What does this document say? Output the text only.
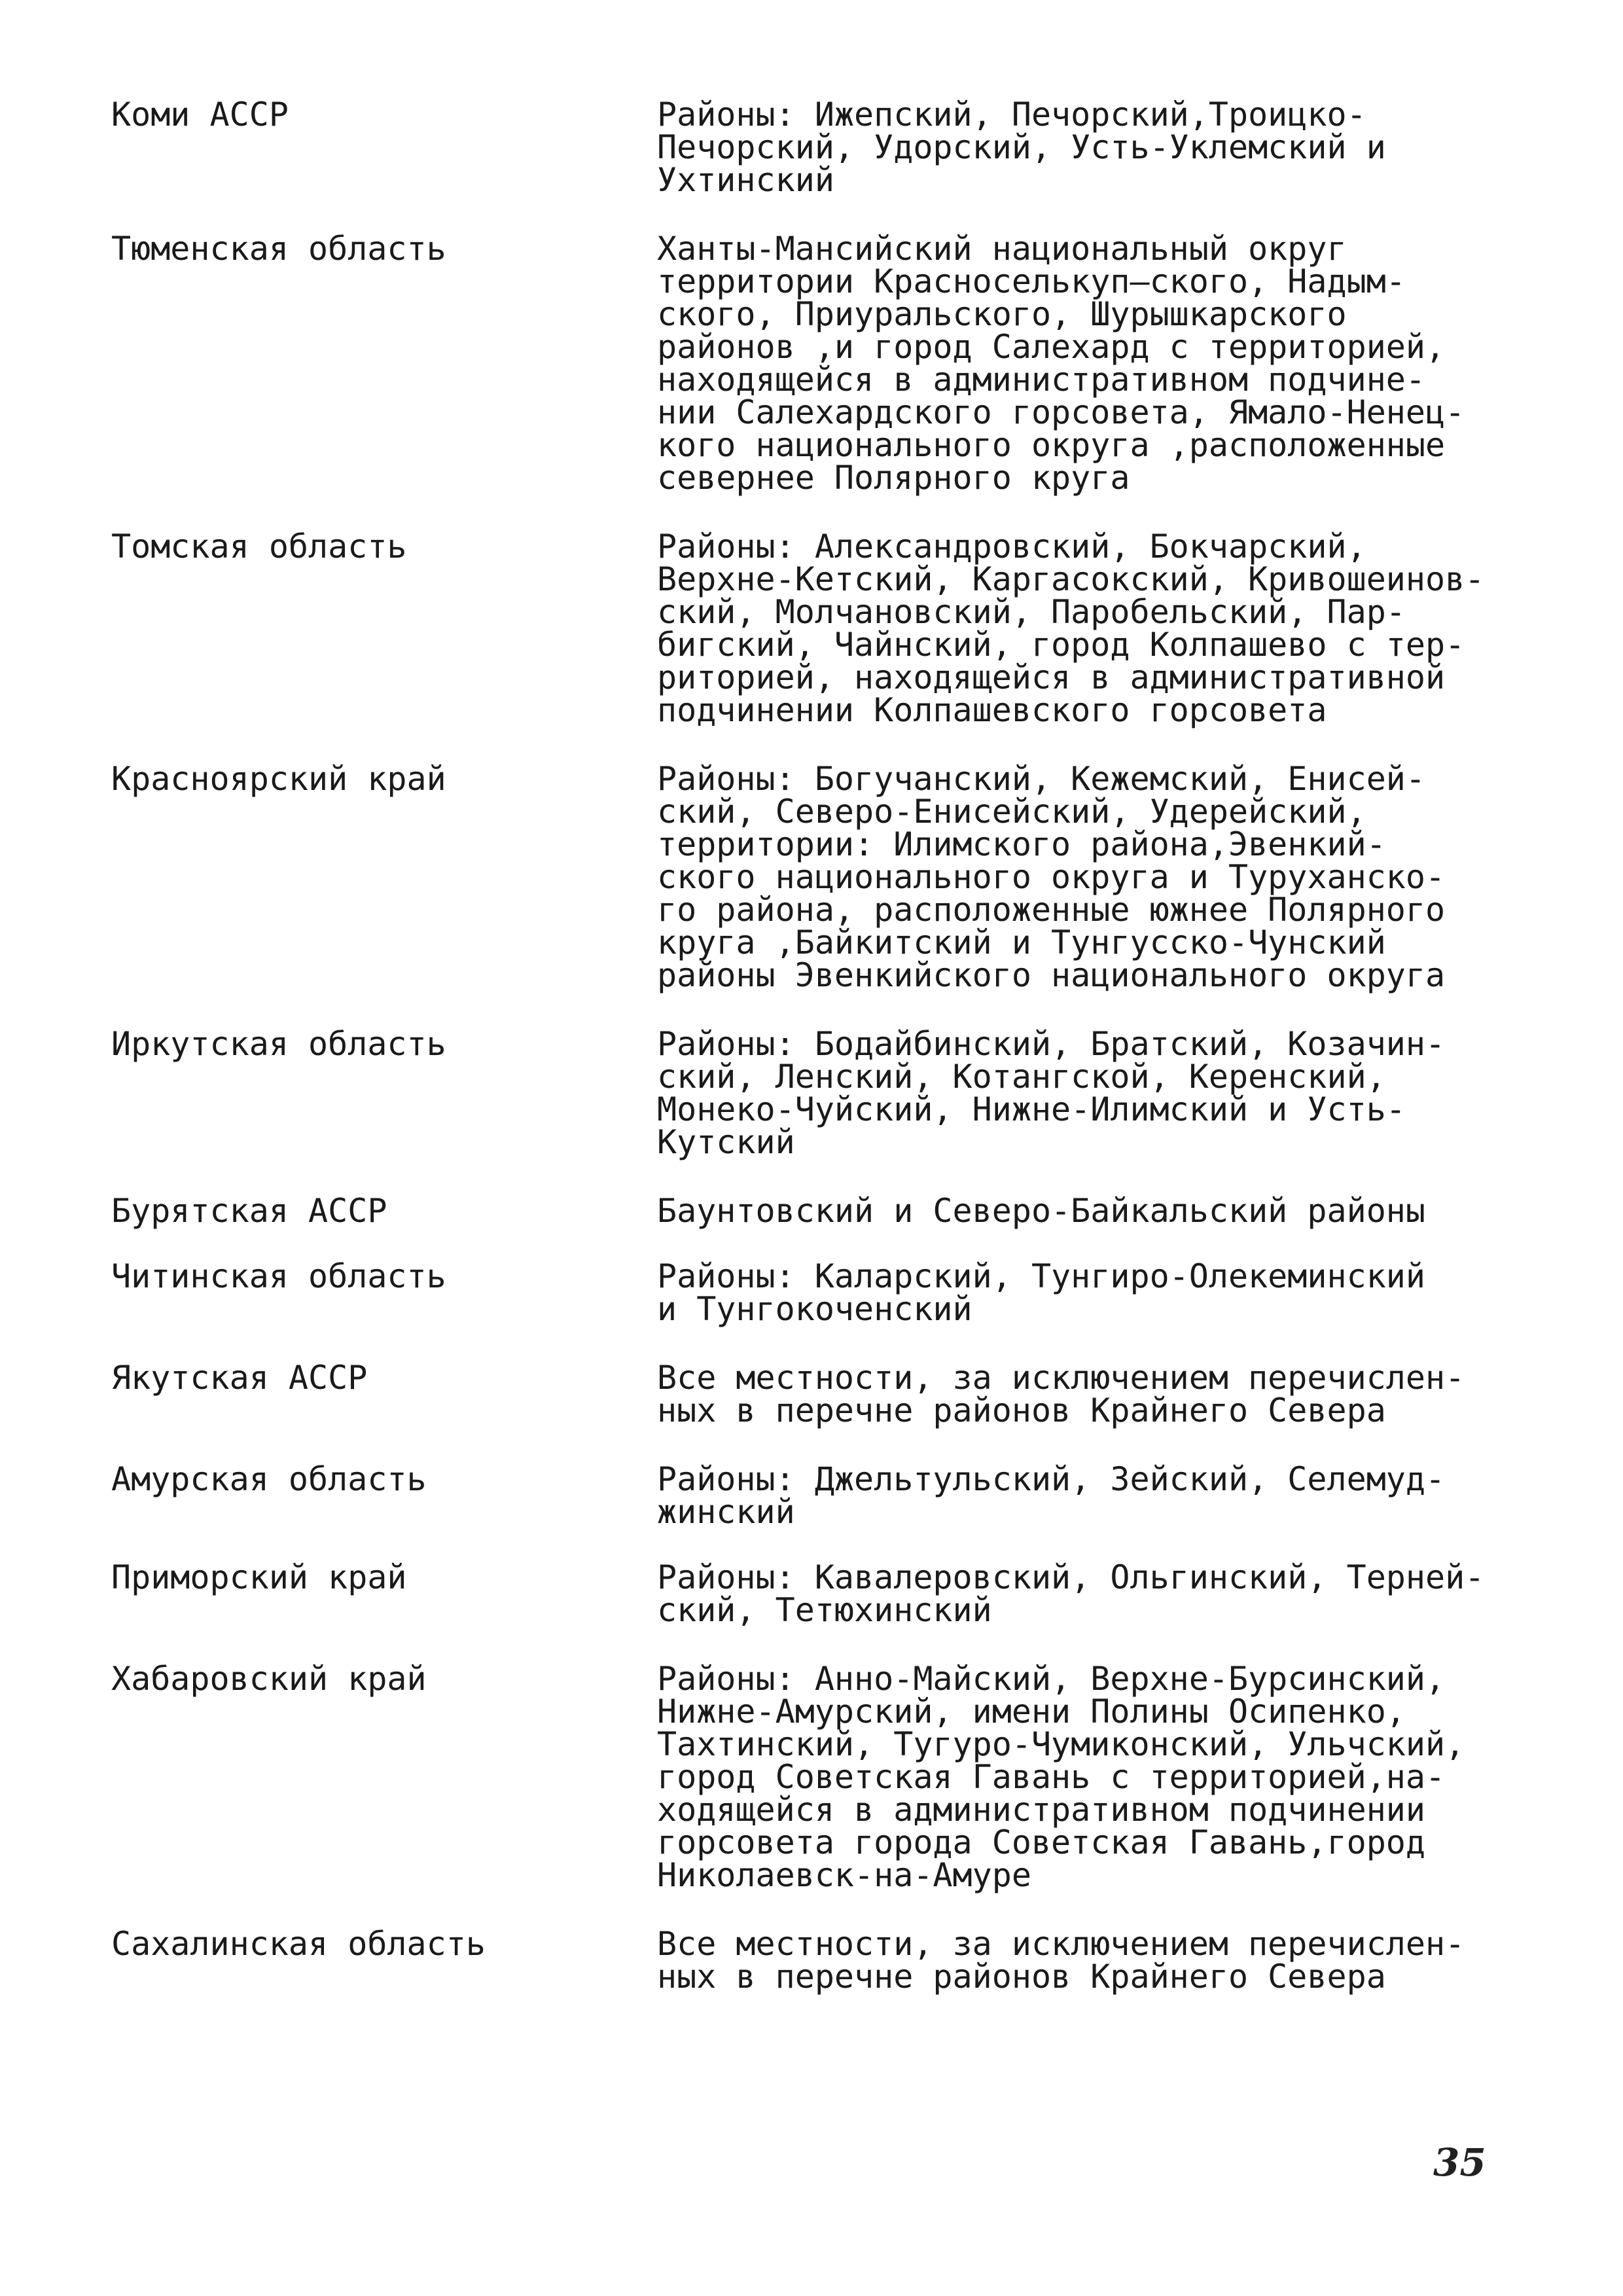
Коми АССР	Районы: Ижепский, Печорский,Троицко-
Печорский, Удорский, Усть-Уклемский и
Ухтинский
Тюменская область	Ханты-Мансийский национальный округ
территории Красноселькуп–ского, Надым-
ского, Приуральского, Шурышкарского
районов ,и город Салехард с территорией,
находящейся в административном подчине-
нии Салехардского горсовета, Ямало-Ненец-
кого национального округа ,расположенные
севернее Полярного круга
Томская область	Районы: Александровский, Бокчарский,
Верхне-Кетский, Каргасокский, Кривошеинов-
ский, Молчановский, Паробельский, Пар-
бигский, Чайнский, город Колпашево с тер-
риторией, находящейся в административной
подчинении Колпашевского горсовета
Красноярский край	Районы: Богучанский, Кежемский, Енисей-
ский, Северо-Енисейский, Удерейский,
территории: Илимского района,Эвенкий-
ского национального округа и Туруханско-
го района, расположенные южнее Полярного
круга ,Байкитский и Тунгусско-Чунский
районы Эвенкийского национального округа
Иркутская область	Районы: Бодайбинский, Братский, Козачин-
ский, Ленский, Котангской, Керенский,
Монеко-Чуйский, Нижне-Илимский и Усть-
Кутский
Бурятская АССР	Баунтовский и Северо-Байкальский районы
Читинская область	Районы: Каларский, Тунгиро-Олекеминский
и Тунгокоченский
Якутская АССР	Все местности, за исключением перечислен-
ных в перечне районов Крайнего Севера
Амурская область	Районы: Джельтульский, Зейский, Селемуд-
жинский
Приморский край	Районы: Кавалеровский, Ольгинский, Терней-
ский, Тетюхинский
Хабаровский край	Районы: Анно-Майский, Верхне-Бурсинский,
Нижне-Амурский, имени Полины Осипенко,
Тахтинский, Тугуро-Чумиконский, Ульчский,
город Советская Гавань с территорией,на-
ходящейся в административном подчинении
горсовета города Советская Гавань,город
Николаевск-на-Амуре
Сахалинская область	Все местности, за исключением перечислен-
ных в перечне районов Крайнего Севера
35
